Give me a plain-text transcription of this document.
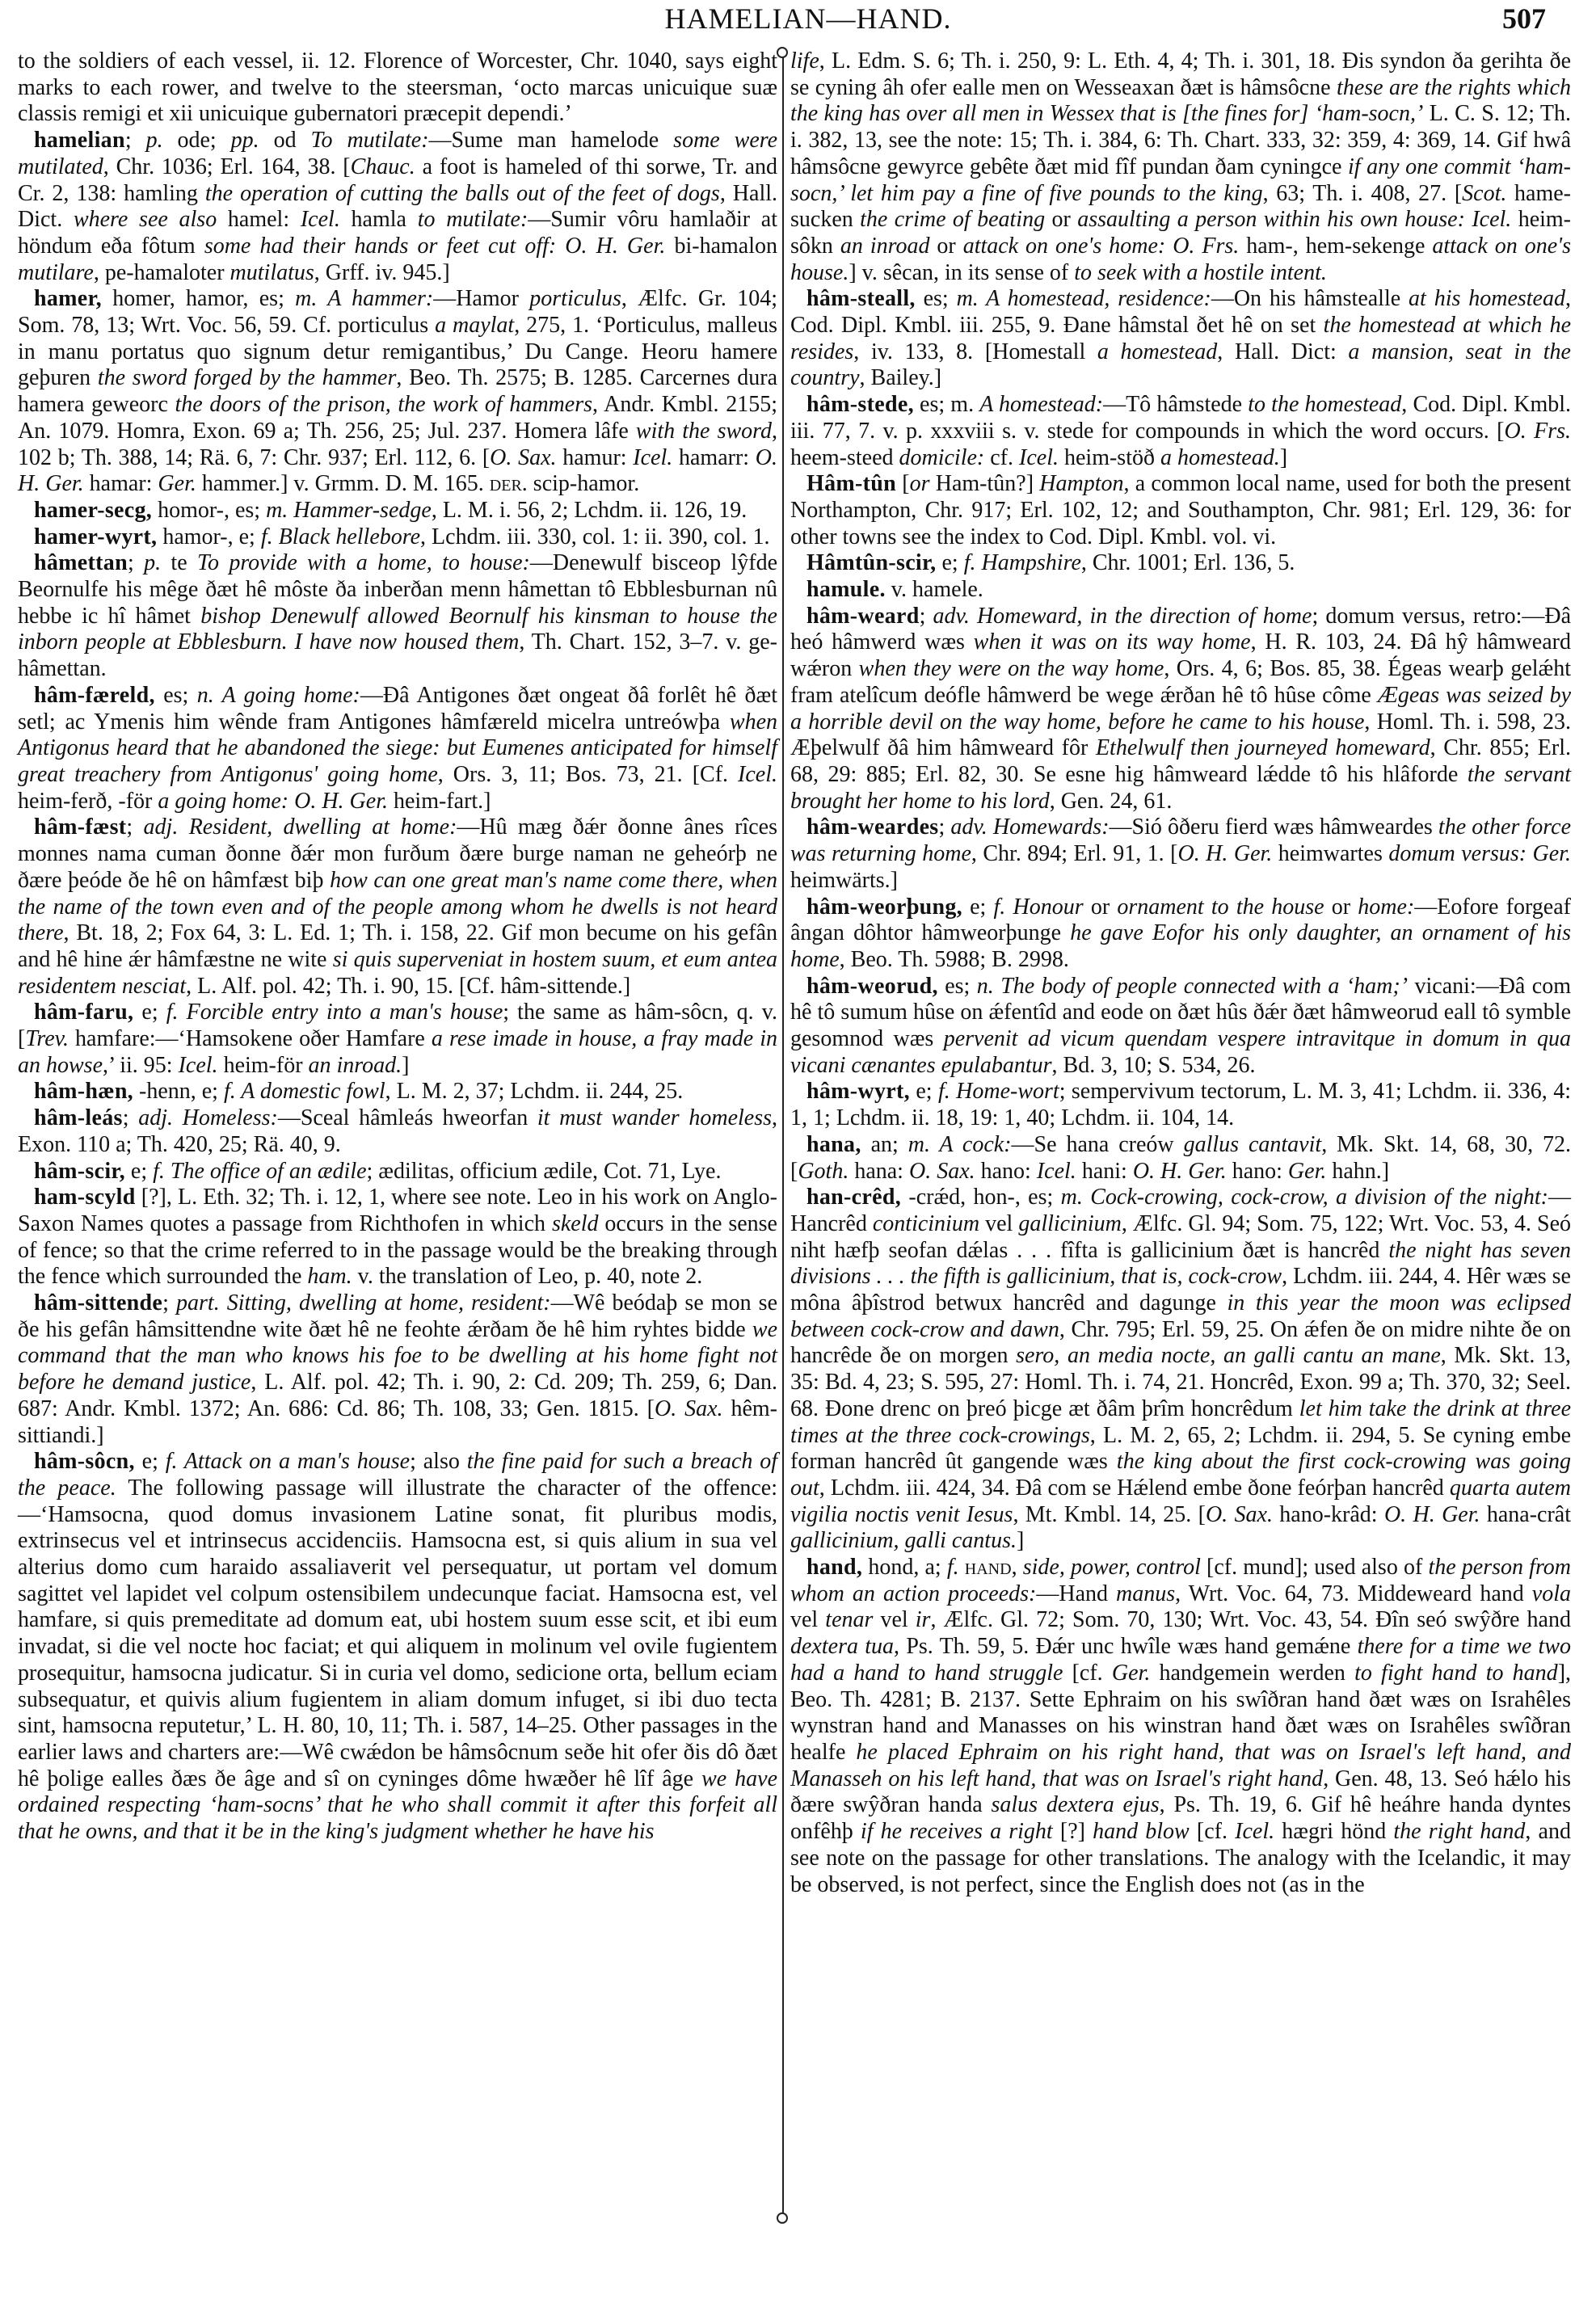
HAMELIAN—HAND.	507

to the soldiers of each vessel, ii. 12. Florence of Worcester, Chr. 1040, says eight marks to each rower, and twelve to the steersman, ‘octo marcas unicuique suæ classis remigi et xii unicuique gubernatori præcepit dependi.’

hamelian; p. ode; pp. od To mutilate:—Sume man hamelode some were mutilated, Chr. 1036; Erl. 164, 38. [Chauc. a foot is hameled of thi sorwe, Tr. and Cr. 2, 138: hamling the operation of cutting the balls out of the feet of dogs, Hall. Dict. where see also hamel: Icel. hamla to mutilate:—Sumir vôru hamlaðir at höndum eða fôtum some had their hands or feet cut off: O. H. Ger. bi-hamalon mutilare, pe-hamaloter mutilatus, Grff. iv. 945.]

hamer, homer, hamor, es; m. A hammer:—Hamor porticulus, Ælfc. Gr. 104; Som. 78, 13; Wrt. Voc. 56, 59. Cf. porticulus a maylat, 275, 1. ‘Porticulus, malleus in manu portatus quo signum detur remigantibus,’ Du Cange. Heoru hamere geþuren the sword forged by the hammer, Beo. Th. 2575; B. 1285. Carcernes dura hamera geweorc the doors of the prison, the work of hammers, Andr. Kmbl. 2155; An. 1079. Homra, Exon. 69 a; Th. 256, 25; Jul. 237. Homera lâfe with the sword, 102 b; Th. 388, 14; Rä. 6, 7: Chr. 937; Erl. 112, 6. [O. Sax. hamur: Icel. hamarr: O. H. Ger. hamar: Ger. hammer.] v. Grmm. D. M. 165. der. scip-hamor.

hamer-secg, homor-, es; m. Hammer-sedge, L. M. i. 56, 2; Lchdm. ii. 126, 19.

hamer-wyrt, hamor-, e; f. Black hellebore, Lchdm. iii. 330, col. 1: ii. 390, col. 1.

hâmettan; p. te To provide with a home, to house:—Denewulf bisceop lŷfde Beornulfe his mêge ðæt hê môste ða inberðan menn hâmettan tô Ebblesburnan nû hebbe ic hî hâmet bishop Denewulf allowed Beornulf his kinsman to house the inborn people at Ebblesburn. I have now housed them, Th. Chart. 152, 3–7. v. ge-hâmettan.

hâm-færeld, es; n. A going home:—Ðâ Antigones ðæt ongeat ðâ forlêt hê ðæt setl; ac Ymenis him wênde fram Antigones hâmfæreld micelra untreówþa when Antigonus heard that he abandoned the siege: but Eumenes anticipated for himself great treachery from Antigonus' going home, Ors. 3, 11; Bos. 73, 21. [Cf. Icel. heim-ferð, -för a going home: O. H. Ger. heim-fart.]

hâm-fæst; adj. Resident, dwelling at home:—Hû mæg ðǽr ðonne ânes rîces monnes nama cuman ðonne ðǽr mon furðum ðære burge naman ne geheórþ ne ðære þeóde ðe hê on hâmfæst biþ how can one great man's name come there, when the name of the town even and of the people among whom he dwells is not heard there, Bt. 18, 2; Fox 64, 3: L. Ed. 1; Th. i. 158, 22. Gif mon becume on his gefân and hê hine ǽr hâmfæstne ne wite si quis superveniat in hostem suum, et eum antea residentem nesciat, L. Alf. pol. 42; Th. i. 90, 15. [Cf. hâm-sittende.]

hâm-faru, e; f. Forcible entry into a man's house; the same as hâm-sôcn, q. v. [Trev. hamfare:—‘Hamsokene oðer Hamfare a rese imade in house, a fray made in an howse,’ ii. 95: Icel. heim-för an inroad.]

hâm-hæn, -henn, e; f. A domestic fowl, L. M. 2, 37; Lchdm. ii. 244, 25.

hâm-leás; adj. Homeless:—Sceal hâmleás hweorfan it must wander homeless, Exon. 110 a; Th. 420, 25; Rä. 40, 9.

hâm-scir, e; f. The office of an ædile; ædilitas, officium ædile, Cot. 71, Lye.

ham-scyld [?], L. Eth. 32; Th. i. 12, 1, where see note. Leo in his work on Anglo-Saxon Names quotes a passage from Richthofen in which skeld occurs in the sense of fence; so that the crime referred to in the passage would be the breaking through the fence which surrounded the ham. v. the translation of Leo, p. 40, note 2.

hâm-sittende; part. Sitting, dwelling at home, resident:—Wê beódaþ se mon se ðe his gefân hâmsittendne wite ðæt hê ne feohte ǽrðam ðe hê him ryhtes bidde we command that the man who knows his foe to be dwelling at his home fight not before he demand justice, L. Alf. pol. 42; Th. i. 90, 2: Cd. 209; Th. 259, 6; Dan. 687: Andr. Kmbl. 1372; An. 686: Cd. 86; Th. 108, 33; Gen. 1815. [O. Sax. hêm-sittiandi.]

hâm-sôcn, e; f. Attack on a man's house; also the fine paid for such a breach of the peace. The following passage will illustrate the character of the offence:—‘Hamsocna, quod domus invasionem Latine sonat, fit pluribus modis, extrinsecus vel et intrinsecus accidenciis. Hamsocna est, si quis alium in sua vel alterius domo cum haraido assaliaverit vel persequatur, ut portam vel domum sagittet vel lapidet vel colpum ostensibilem undecunque faciat. Hamsocna est, vel hamfare, si quis premeditate ad domum eat, ubi hostem suum esse scit, et ibi eum invadat, si die vel nocte hoc faciat; et qui aliquem in molinum vel ovile fugientem prosequitur, hamsocna judicatur. Si in curia vel domo, sedicione orta, bellum eciam subsequatur, et quivis alium fugientem in aliam domum infuget, si ibi duo tecta sint, hamsocna reputetur,’ L. H. 80, 10, 11; Th. i. 587, 14–25. Other passages in the earlier laws and charters are:—Wê cwǽdon be hâmsôcnum seðe hit ofer ðis dô ðæt hê þolige ealles ðæs ðe âge and sî on cyninges dôme hwæðer hê lîf âge we have ordained respecting ‘ham-socns’ that he who shall commit it after this forfeit all that he owns, and that it be in the king's judgment whether he have his

life, L. Edm. S. 6; Th. i. 250, 9: L. Eth. 4, 4; Th. i. 301, 18. Ðis syndon ða gerihta ðe se cyning âh ofer ealle men on Wesseaxan ðæt is hâmsôcne these are the rights which the king has over all men in Wessex that is [the fines for] ‘ham-socn,’ L. C. S. 12; Th. i. 382, 13, see the note: 15; Th. i. 384, 6: Th. Chart. 333, 32: 359, 4: 369, 14. Gif hwâ hâmsôcne gewyrce gebête ðæt mid fîf pundan ðam cyningce if any one commit ‘ham-socn,’ let him pay a fine of five pounds to the king, 63; Th. i. 408, 27. [Scot. hame-sucken the crime of beating or assaulting a person within his own house: Icel. heim-sôkn an inroad or attack on one's home: O. Frs. ham-, hem-sekenge attack on one's house.] v. sêcan, in its sense of to seek with a hostile intent.

hâm-steall, es; m. A homestead, residence:—On his hâmstealle at his homestead, Cod. Dipl. Kmbl. iii. 255, 9. Ðane hâmstal ðet hê on set the homestead at which he resides, iv. 133, 8. [Homestall a homestead, Hall. Dict: a mansion, seat in the country, Bailey.]

hâm-stede, es; m. A homestead:—Tô hâmstede to the homestead, Cod. Dipl. Kmbl. iii. 77, 7. v. p. xxxviii s. v. stede for compounds in which the word occurs. [O. Frs. heem-steed domicile: cf. Icel. heim-stöð a homestead.]

Hâm-tûn [or Ham-tûn?] Hampton, a common local name, used for both the present Northampton, Chr. 917; Erl. 102, 12; and Southampton, Chr. 981; Erl. 129, 36: for other towns see the index to Cod. Dipl. Kmbl. vol. vi.

Hâmtûn-scir, e; f. Hampshire, Chr. 1001; Erl. 136, 5.

hamule. v. hamele.

hâm-weard; adv. Homeward, in the direction of home; domum versus, retro:—Ðâ heó hâmwerd wæs when it was on its way home, H. R. 103, 24. Ðâ hŷ hâmweard wǽron when they were on the way home, Ors. 4, 6; Bos. 85, 38. Égeas wearþ gelǽht fram atelîcum deófle hâmwerd be wege ǽrðan hê tô hûse côme Ægeas was seized by a horrible devil on the way home, before he came to his house, Homl. Th. i. 598, 23. Æþelwulf ðâ him hâmweard fôr Ethelwulf then journeyed homeward, Chr. 855; Erl. 68, 29: 885; Erl. 82, 30. Se esne hig hâmweard lǽdde tô his hlâforde the servant brought her home to his lord, Gen. 24, 61.

hâm-weardes; adv. Homewards:—Sió ôðeru fierd wæs hâmweardes the other force was returning home, Chr. 894; Erl. 91, 1. [O. H. Ger. heimwartes domum versus: Ger. heimwärts.]

hâm-weorþung, e; f. Honour or ornament to the house or home:—Eofore forgeaf ângan dôhtor hâmweorþunge he gave Eofor his only daughter, an ornament of his home, Beo. Th. 5988; B. 2998.

hâm-weorud, es; n. The body of people connected with a ‘ham;’ vicani:—Ðâ com hê tô sumum hûse on ǽfentîd and eode on ðæt hûs ðǽr ðæt hâmweorud eall tô symble gesomnod wæs pervenit ad vicum quendam vespere intravitque in domum in qua vicani cænantes epulabantur, Bd. 3, 10; S. 534, 26.

hâm-wyrt, e; f. Home-wort; sempervivum tectorum, L. M. 3, 41; Lchdm. ii. 336, 4: 1, 1; Lchdm. ii. 18, 19: 1, 40; Lchdm. ii. 104, 14.

hana, an; m. A cock:—Se hana creów gallus cantavit, Mk. Skt. 14, 68, 30, 72. [Goth. hana: O. Sax. hano: Icel. hani: O. H. Ger. hano: Ger. hahn.]

han-crêd, -crǽd, hon-, es; m. Cock-crowing, cock-crow, a division of the night:—Hancrêd conticinium vel gallicinium, Ælfc. Gl. 94; Som. 75, 122; Wrt. Voc. 53, 4. Seó niht hæfþ seofan dǽlas . . . fîfta is gallicinium ðæt is hancrêd the night has seven divisions . . . the fifth is gallicinium, that is, cock-crow, Lchdm. iii. 244, 4. Hêr wæs se môna âþîstrod betwux hancrêd and dagunge in this year the moon was eclipsed between cock-crow and dawn, Chr. 795; Erl. 59, 25. On ǽfen ðe on midre nihte ðe on hancrêde ðe on morgen sero, an media nocte, an galli cantu an mane, Mk. Skt. 13, 35: Bd. 4, 23; S. 595, 27: Homl. Th. i. 74, 21. Honcrêd, Exon. 99 a; Th. 370, 32; Seel. 68. Ðone drenc on þreó þicge æt ðâm þrîm honcrêdum let him take the drink at three times at the three cock-crowings, L. M. 2, 65, 2; Lchdm. ii. 294, 5. Se cyning embe forman hancrêd ût gangende wæs the king about the first cock-crowing was going out, Lchdm. iii. 424, 34. Ðâ com se Hǽlend embe ðone feórþan hancrêd quarta autem vigilia noctis venit Iesus, Mt. Kmbl. 14, 25. [O. Sax. hano-krâd: O. H. Ger. hana-crât gallicinium, galli cantus.]

hand, hond, a; f. hand, side, power, control [cf. mund]; used also of the person from whom an action proceeds:—Hand manus, Wrt. Voc. 64, 73. Middeweard hand vola vel tenar vel ir, Ælfc. Gl. 72; Som. 70, 130; Wrt. Voc. 43, 54. Ðîn seó swŷðre hand dextera tua, Ps. Th. 59, 5. Ðǽr unc hwîle wæs hand gemǽne there for a time we two had a hand to hand struggle [cf. Ger. handgemein werden to fight hand to hand], Beo. Th. 4281; B. 2137. Sette Ephraim on his swîðran hand ðæt wæs on Israhêles wynstran hand and Manasses on his winstran hand ðæt wæs on Israhêles swîðran healfe he placed Ephraim on his right hand, that was on Israel's left hand, and Manasseh on his left hand, that was on Israel's right hand, Gen. 48, 13. Seó hǽlo his ðære swŷðran handa salus dextera ejus, Ps. Th. 19, 6. Gif hê heáhre handa dyntes onfêhþ if he receives a right [?] hand blow [cf. Icel. hægri hönd the right hand, and see note on the passage for other translations. The analogy with the Icelandic, it may be observed, is not perfect, since the English does not (as in the
